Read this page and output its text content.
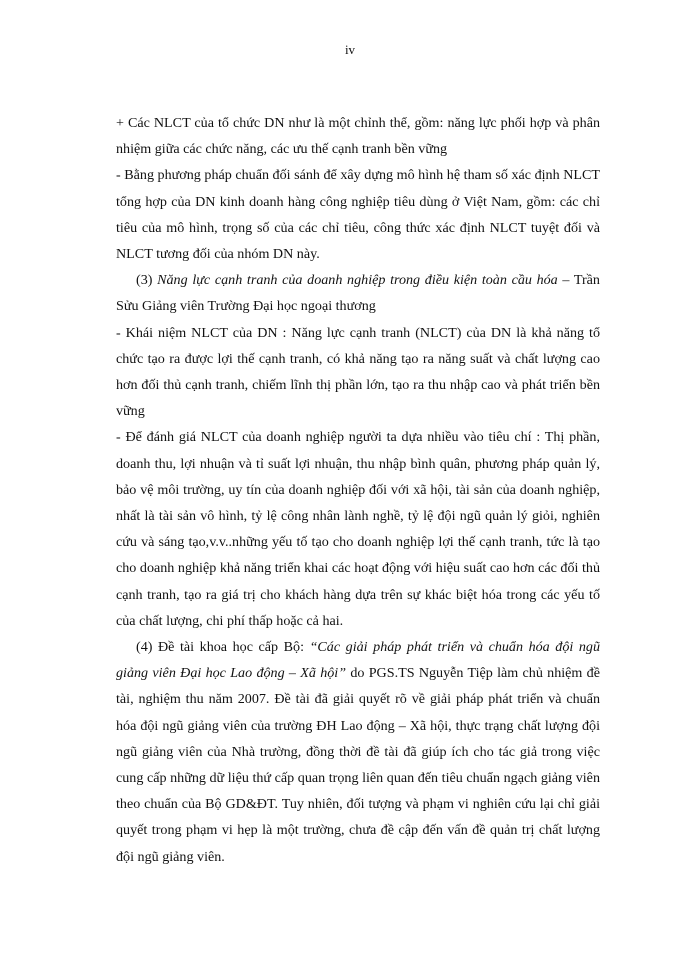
iv

+ Các NLCT của tổ chức DN như là một chỉnh thể, gồm: năng lực phối hợp và phân nhiệm giữa các chức năng, các ưu thế cạnh tranh bền vững

- Bằng phương pháp chuẩn đối sánh để xây dựng mô hình hệ tham số xác định NLCT tổng hợp của DN kinh doanh hàng công nghiệp tiêu dùng ở Việt Nam, gồm: các chỉ tiêu của mô hình, trọng số của các chỉ tiêu, công thức xác định NLCT tuyệt đối và NLCT tương đối của nhóm DN này.

(3) Năng lực cạnh tranh của doanh nghiệp trong điều kiện toàn cầu hóa – Trần Sửu Giảng viên Trường Đại học ngoại thương

- Khái niệm NLCT của DN : Năng lực cạnh tranh (NLCT) của DN là khả năng tổ chức tạo ra được lợi thế cạnh tranh, có khả năng tạo ra năng suất và chất lượng cao hơn đối thủ cạnh tranh, chiếm lĩnh thị phần lớn, tạo ra thu nhập cao và phát triển bền vững

- Để đánh giá NLCT của doanh nghiệp người ta dựa nhiều vào tiêu chí : Thị phần, doanh thu, lợi nhuận và tỉ suất lợi nhuận, thu nhập bình quân, phương pháp quản lý, bảo vệ môi trường, uy tín của doanh nghiệp đối với xã hội, tài sản của doanh nghiệp, nhất là tài sản vô hình, tỷ lệ công nhân lành nghề, tỷ lệ đội ngũ quản lý giỏi, nghiên cứu và sáng tạo,v.v..những yếu tố tạo cho doanh nghiệp lợi thế cạnh tranh, tức là tạo cho doanh nghiệp khả năng triển khai các hoạt động với hiệu suất cao hơn các đối thủ cạnh tranh, tạo ra giá trị cho khách hàng dựa trên sự khác biệt hóa trong các yếu tố của chất lượng, chi phí thấp hoặc cả hai.

(4) Đề tài khoa học cấp Bộ: “Các giải pháp phát triển và chuẩn hóa đội ngũ giảng viên Đại học Lao động – Xã hội” do PGS.TS Nguyễn Tiệp làm chủ nhiệm đề tài, nghiệm thu năm 2007. Đề tài đã giải quyết rõ về giải pháp phát triển và chuẩn hóa đội ngũ giảng viên của trường ĐH Lao động – Xã hội, thực trạng chất lượng đội ngũ giảng viên của Nhà trường, đồng thời đề tài đã giúp ích cho tác giả trong việc cung cấp những dữ liệu thứ cấp quan trọng liên quan đến tiêu chuẩn ngạch giảng viên theo chuẩn của Bộ GD&ĐT. Tuy nhiên, đối tượng và phạm vi nghiên cứu lại chỉ giải quyết trong phạm vi hẹp là một trường, chưa đề cập đến vấn đề quản trị chất lượng đội ngũ giảng viên.
